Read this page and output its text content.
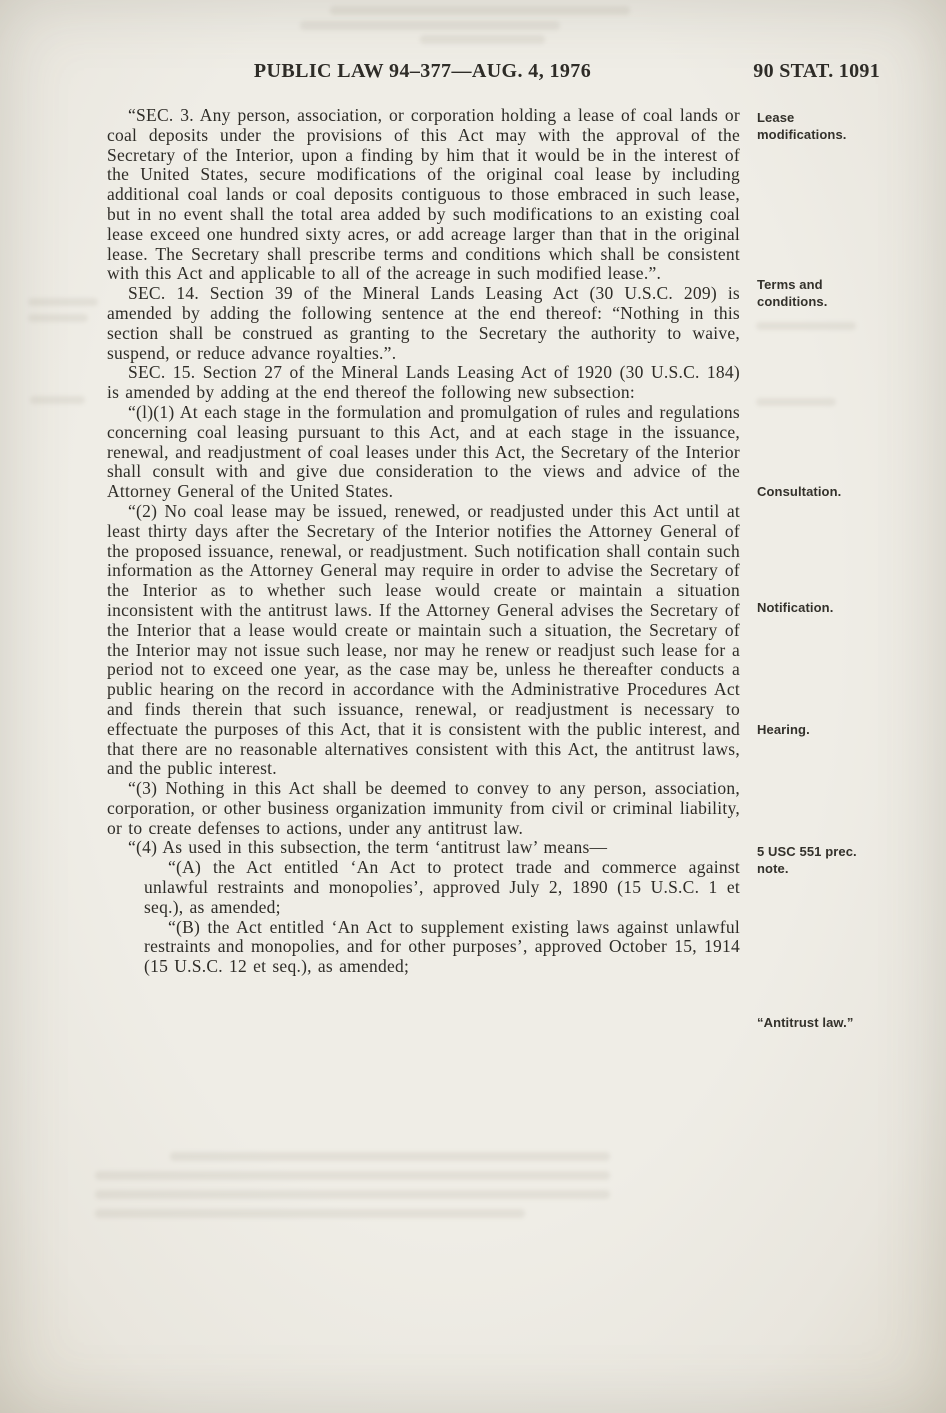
PUBLIC LAW 94–377—AUG. 4, 1976	90 STAT. 1091

“SEC. 3. Any person, association, or corporation holding a lease of coal lands or coal deposits under the provisions of this Act may with the approval of the Secretary of the Interior, upon a finding by him that it would be in the interest of the United States, secure modifications of the original coal lease by including additional coal lands or coal deposits contiguous to those embraced in such lease, but in no event shall the total area added by such modifications to an existing coal lease exceed one hundred sixty acres, or add acreage larger than that in the original lease. The Secretary shall prescribe terms and conditions which shall be consistent with this Act and applicable to all of the acreage in such modified lease.”.

SEC. 14. Section 39 of the Mineral Lands Leasing Act (30 U.S.C. 209) is amended by adding the following sentence at the end thereof: “Nothing in this section shall be construed as granting to the Secretary the authority to waive, suspend, or reduce advance royalties.”.

SEC. 15. Section 27 of the Mineral Lands Leasing Act of 1920 (30 U.S.C. 184) is amended by adding at the end thereof the following new subsection:

“(l)(1) At each stage in the formulation and promulgation of rules and regulations concerning coal leasing pursuant to this Act, and at each stage in the issuance, renewal, and readjustment of coal leases under this Act, the Secretary of the Interior shall consult with and give due consideration to the views and advice of the Attorney General of the United States.

“(2) No coal lease may be issued, renewed, or readjusted under this Act until at least thirty days after the Secretary of the Interior notifies the Attorney General of the proposed issuance, renewal, or readjustment. Such notification shall contain such information as the Attorney General may require in order to advise the Secretary of the Interior as to whether such lease would create or maintain a situation inconsistent with the antitrust laws. If the Attorney General advises the Secretary of the Interior that a lease would create or maintain such a situation, the Secretary of the Interior may not issue such lease, nor may he renew or readjust such lease for a period not to exceed one year, as the case may be, unless he thereafter conducts a public hearing on the record in accordance with the Administrative Procedures Act and finds therein that such issuance, renewal, or readjustment is necessary to effectuate the purposes of this Act, that it is consistent with the public interest, and that there are no reasonable alternatives consistent with this Act, the antitrust laws, and the public interest.

“(3) Nothing in this Act shall be deemed to convey to any person, association, corporation, or other business organization immunity from civil or criminal liability, or to create defenses to actions, under any antitrust law.

“(4) As used in this subsection, the term ‘antitrust law’ means—

“(A) the Act entitled ‘An Act to protect trade and commerce against unlawful restraints and monopolies’, approved July 2, 1890 (15 U.S.C. 1 et seq.), as amended;

“(B) the Act entitled ‘An Act to supplement existing laws against unlawful restraints and monopolies, and for other purposes’, approved October 15, 1914 (15 U.S.C. 12 et seq.), as amended;

Lease modifications.
Terms and conditions.
Consultation.
Notification.
Hearing.
5 USC 551 prec. note.
“Antitrust law.”
